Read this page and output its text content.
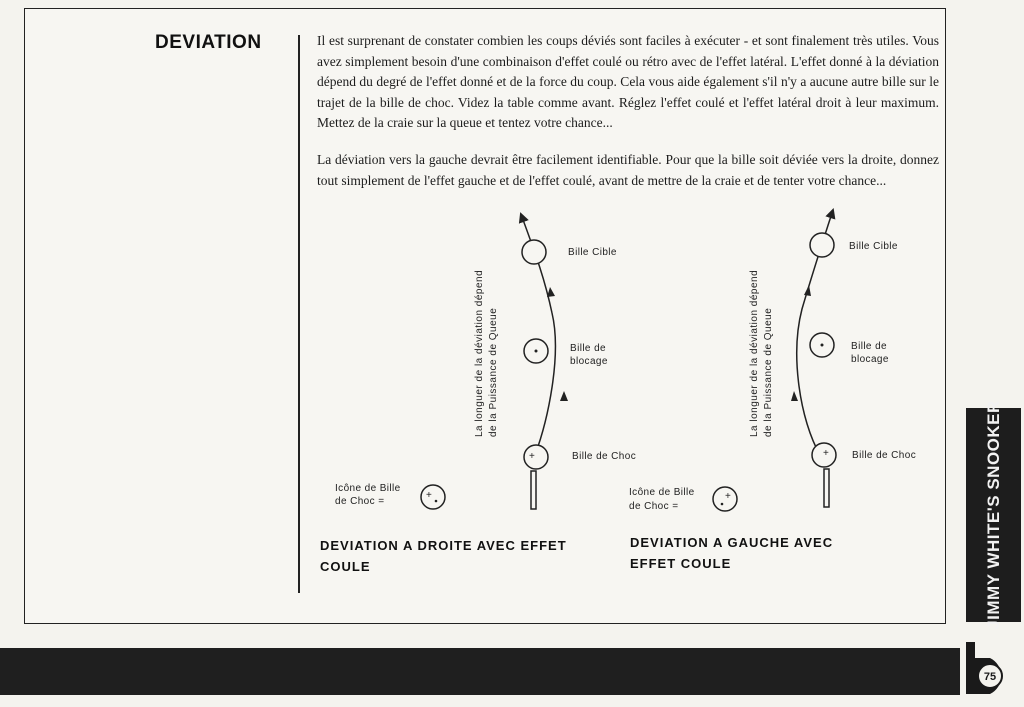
DEVIATION	Il est surprenant de constater combien les coups déviés sont faciles à exécuter - et sont finalement très utiles. Vous avez simplement besoin d'une combinaison d'effet coulé ou rétro avec de l'effet latéral. L'effet donné à la déviation dépend du degré de l'effet donné et de la force du coup. Cela vous aide également s'il n'y a aucune autre bille sur le trajet de la bille de choc. Videz la table comme avant. Réglez l'effet coulé et l'effet latéral droit à leur maximum. Mettez de la craie sur la queue et tentez votre chance...

La déviation vers la gauche devrait être facilement identifiable. Pour que la bille soit déviée vers la droite, donnez tout simplement de l'effet gauche et de l'effet coulé, avant de mettre de la craie et de tenter votre chance...

La longuer de la déviation dépend de la Puissance de Queue
Bille Cible
Bille de
blocage
+	Bille de Choc
Icône de Bille
de Choc =
+
La longuer de la déviation dépend de la Puissance de Queue
Bille Cible
Bille de
blocage
+ Bille de Choc
Icône de Bille
de Choc =
+

DEVIATION A DROITE AVEC EFFET
COULE

DEVIATION A GAUCHE AVEC
EFFET COULE	JIMMY WHITE'S SNOOKER
75
